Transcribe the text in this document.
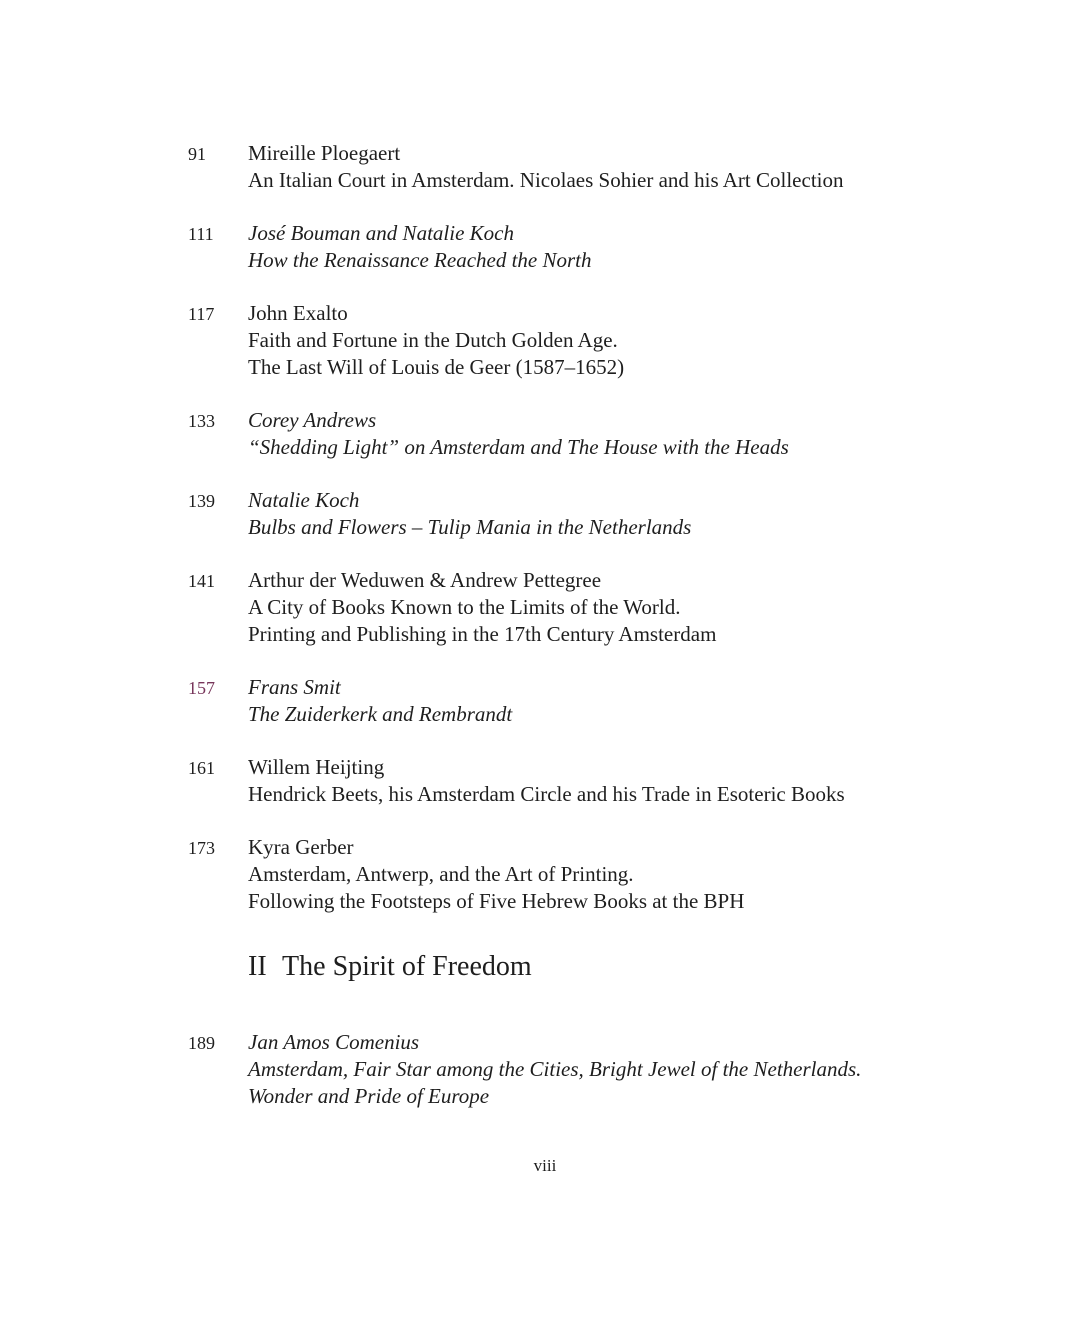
91	Mireille Ploegaert
An Italian Court in Amsterdam. Nicolaes Sohier and his Art Collection
111	José Bouman and Natalie Koch
How the Renaissance Reached the North
117	John Exalto
Faith and Fortune in the Dutch Golden Age.
The Last Will of Louis de Geer (1587–1652)
133	Corey Andrews
“Shedding Light” on Amsterdam and The House with the Heads
139	Natalie Koch
Bulbs and Flowers – Tulip Mania in the Netherlands
141	Arthur der Weduwen & Andrew Pettegree
A City of Books Known to the Limits of the World.
Printing and Publishing in the 17th Century Amsterdam
157	Frans Smit
The Zuiderkerk and Rembrandt
161	Willem Heijting
Hendrick Beets, his Amsterdam Circle and his Trade in Esoteric Books
173	Kyra Gerber
Amsterdam, Antwerp, and the Art of Printing.
Following the Footsteps of Five Hebrew Books at the BPH
II The Spirit of Freedom
189	Jan Amos Comenius
Amsterdam, Fair Star among the Cities, Bright Jewel of the Netherlands.
Wonder and Pride of Europe
viii
